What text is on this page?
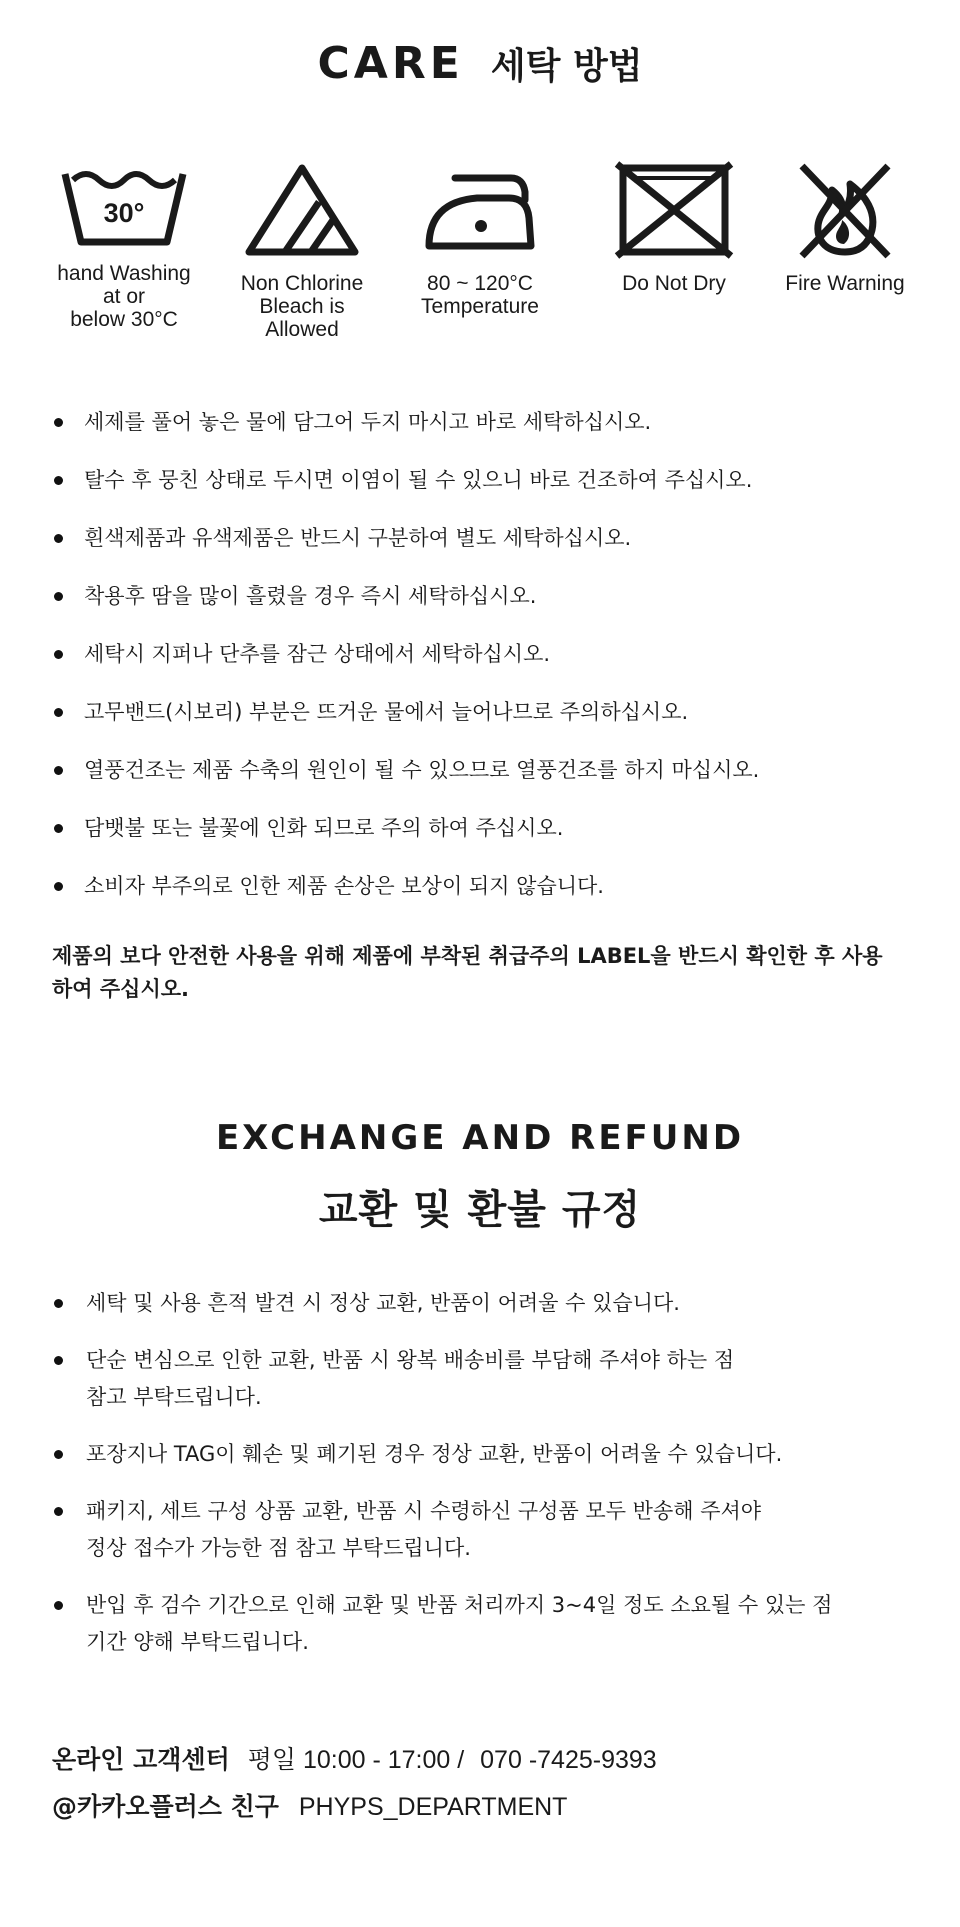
CARE 세탁 방법
30°
hand Washing
at or
below 30°C
Non Chlorine
Bleach is
Allowed
80 ~ 120°C
Temperature
Do Not Dry	Fire Warning
세제를 풀어 놓은 물에 담그어 두지 마시고 바로 세탁하십시오.
탈수 후 뭉친 상태로 두시면 이염이 될 수 있으니 바로 건조하여 주십시오.
흰색제품과 유색제품은 반드시 구분하여 별도 세탁하십시오.
착용후 땀을 많이 흘렸을 경우 즉시 세탁하십시오.
세탁시 지퍼나 단추를 잠근 상태에서 세탁하십시오.
고무밴드(시보리) 부분은 뜨거운 물에서 늘어나므로 주의하십시오.
열풍건조는 제품 수축의 원인이 될 수 있으므로 열풍건조를 하지 마십시오.
담뱃불 또는 불꽃에 인화 되므로 주의 하여 주십시오.
소비자 부주의로 인한 제품 손상은 보상이 되지 않습니다.
제품의 보다 안전한 사용을 위해 제품에 부착된 취급주의 LABEL을 반드시 확인한 후 사용하여 주십시오.
EXCHANGE AND REFUND
교환 및 환불 규정
세탁 및 사용 흔적 발견 시 정상 교환, 반품이 어려울 수 있습니다.
단순 변심으로 인한 교환, 반품 시 왕복 배송비를 부담해 주셔야 하는 점
참고 부탁드립니다.
포장지나 TAG이 훼손 및 폐기된 경우 정상 교환, 반품이 어려울 수 있습니다.
패키지, 세트 구성 상품 교환, 반품 시 수령하신 구성품 모두 반송해 주셔야
정상 접수가 가능한 점 참고 부탁드립니다.
반입 후 검수 기간으로 인해 교환 및 반품 처리까지 3~4일 정도 소요될 수 있는 점
기간 양해 부탁드립니다.
온라인 고객센터 평일 10:00 - 17:00 / 070 -7425-9393
@카카오플러스 친구 PHYPS_DEPARTMENT
